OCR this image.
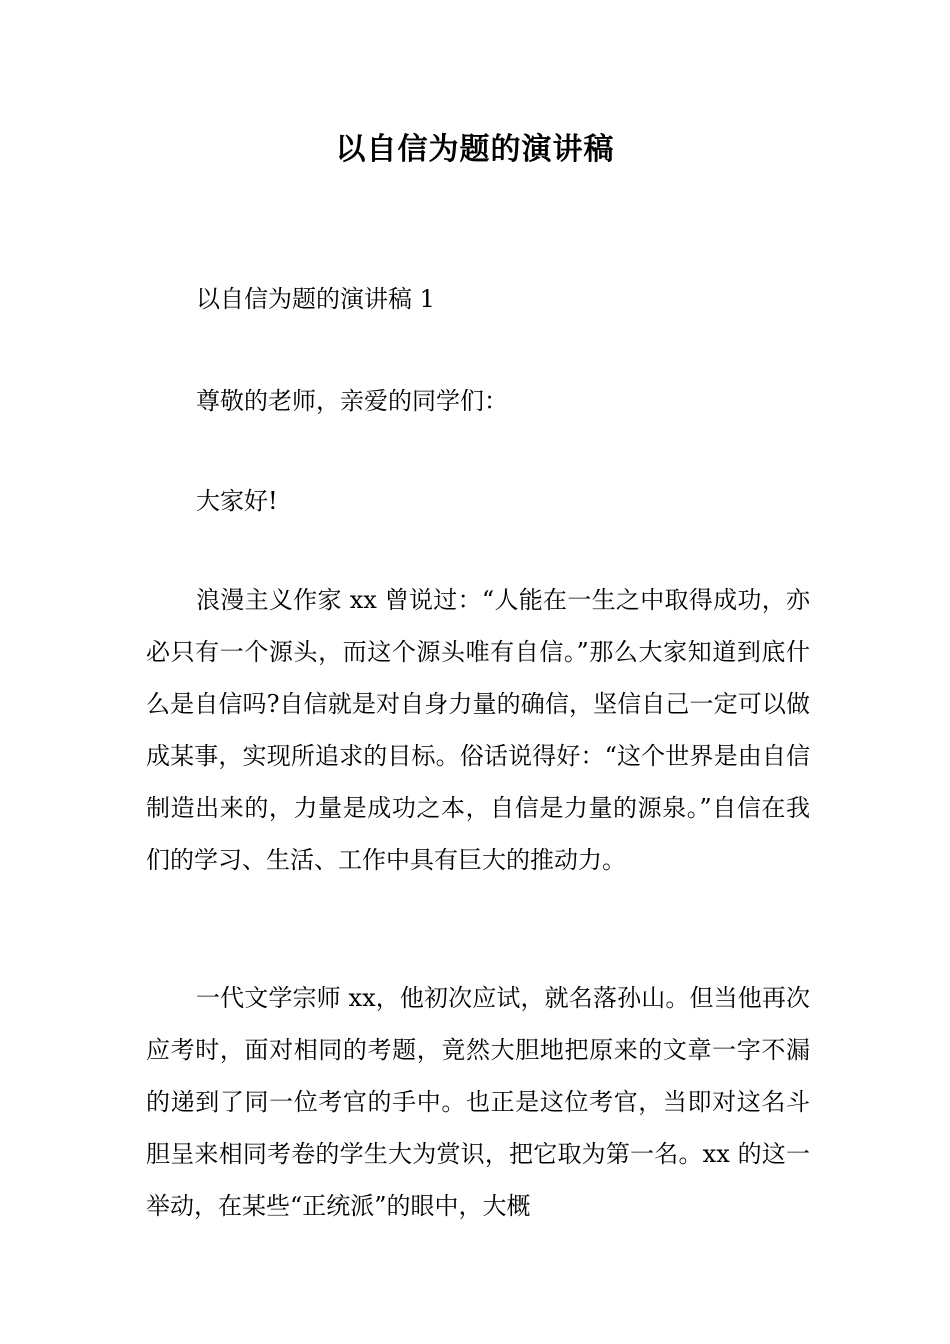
以自信为题的演讲稿

以自信为题的演讲稿 1

尊敬的老师，亲爱的同学们：

大家好!

浪漫主义作家 xx 曾说过：“人能在一生之中取得成功，亦必只有一个源头，而这个源头唯有自信。”那么大家知道到底什么是自信吗?自信就是对自身力量的确信，坚信自己一定可以做成某事，实现所追求的目标。俗话说得好：“这个世界是由自信制造出来的，力量是成功之本，自信是力量的源泉。”自信在我们的学习、生活、工作中具有巨大的推动力。

一代文学宗师 xx，他初次应试，就名落孙山。但当他再次应考时，面对相同的考题，竟然大胆地把原来的文章一字不漏的递到了同一位考官的手中。也正是这位考官，当即对这名斗胆呈来相同考卷的学生大为赏识，把它取为第一名。xx 的这一举动，在某些“正统派”的眼中，大概
